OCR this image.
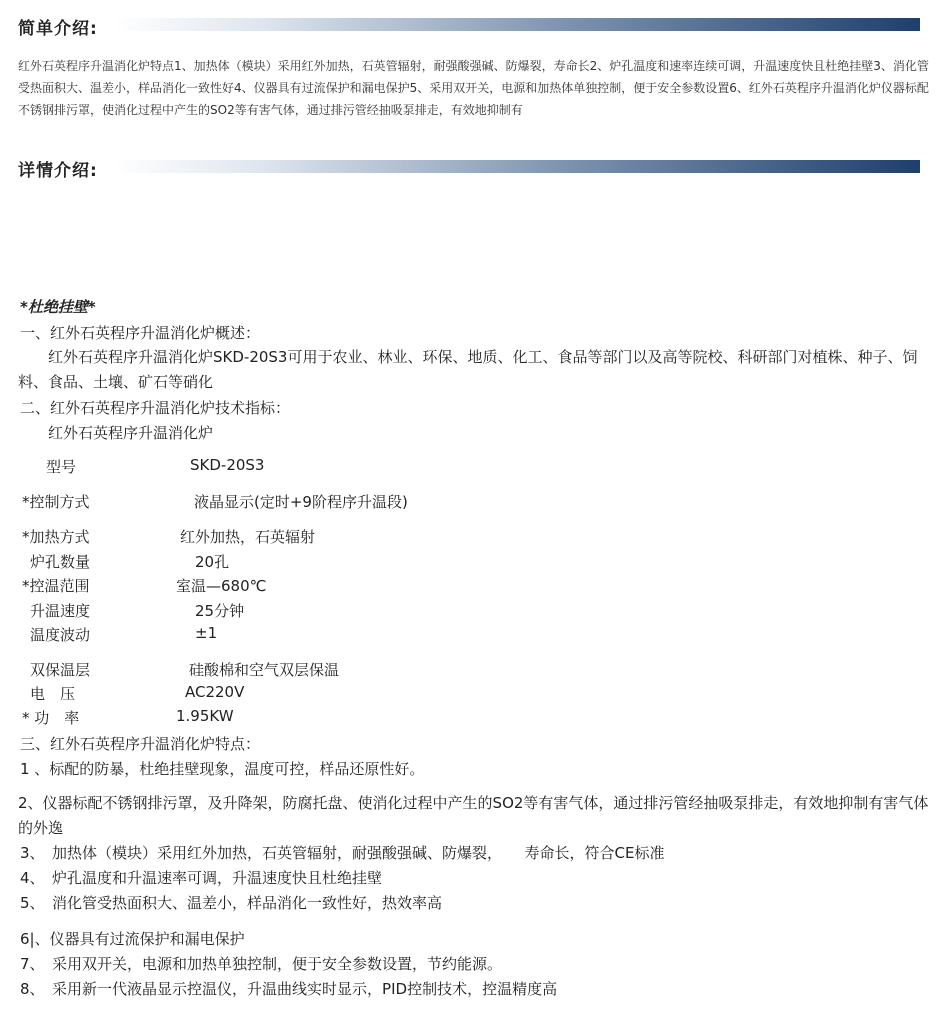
简单介绍:
红外石英程序升温消化炉特点1、加热体（模块）采用红外加热，石英管辐射，耐强酸强碱、防爆裂，寿命长2、炉孔温度和速率连续可调，升温速度快且杜绝挂壁3、消化管受热面积大、温差小，样品消化一致性好4、仪器具有过流保护和漏电保护5、采用双开关，电源和加热体单独控制，便于安全参数设置6、红外石英程序升温消化炉仪器标配不锈钢排污罩，使消化过程中产生的SO2等有害气体，通过排污管经抽吸泵排走，有效地抑制有
详情介绍:
*杜绝挂壁*
一、红外石英程序升温消化炉概述：
红外石英程序升温消化炉SKD-20S3可用于农业、林业、环保、地质、化工、食品等部门以及高等院校、科研部门对植株、种子、饲料、食品、土壤、矿石等硝化
二、红外石英程序升温消化炉技术指标：
红外石英程序升温消化炉
型号	SKD-20S3
*控制方式	液晶显示(定时+9阶程序升温段)
*加热方式	红外加热，石英辐射
炉孔数量	20孔
*控温范围	室温—680℃
升温速度	25分钟
温度波动	±1
双保温层	硅酸棉和空气双层保温
电　压	AC220V
* 功　率	1.95KW
三、红外石英程序升温消化炉特点：
1 、标配的防暴，杜绝挂壁现象，温度可控，样品还原性好。
2、仪器标配不锈钢排污罩，及升降架，防腐托盘、使消化过程中产生的SO2等有害气体，通过排污管经抽吸泵排走，有效地抑制有害气体的外逸
3、　加热体（模块）采用红外加热，石英管辐射，耐强酸强碱、防爆裂，　　寿命长，符合CE标准
4、　炉孔温度和升温速率可调，升温速度快且杜绝挂壁
5、　消化管受热面积大、温差小，样品消化一致性好，热效率高
6|、仪器具有过流保护和漏电保护
7、　采用双开关，电源和加热单独控制，便于安全参数设置，节约能源。
8、　采用新一代液晶显示控温仪，升温曲线实时显示，PID控制技术，控温精度高
